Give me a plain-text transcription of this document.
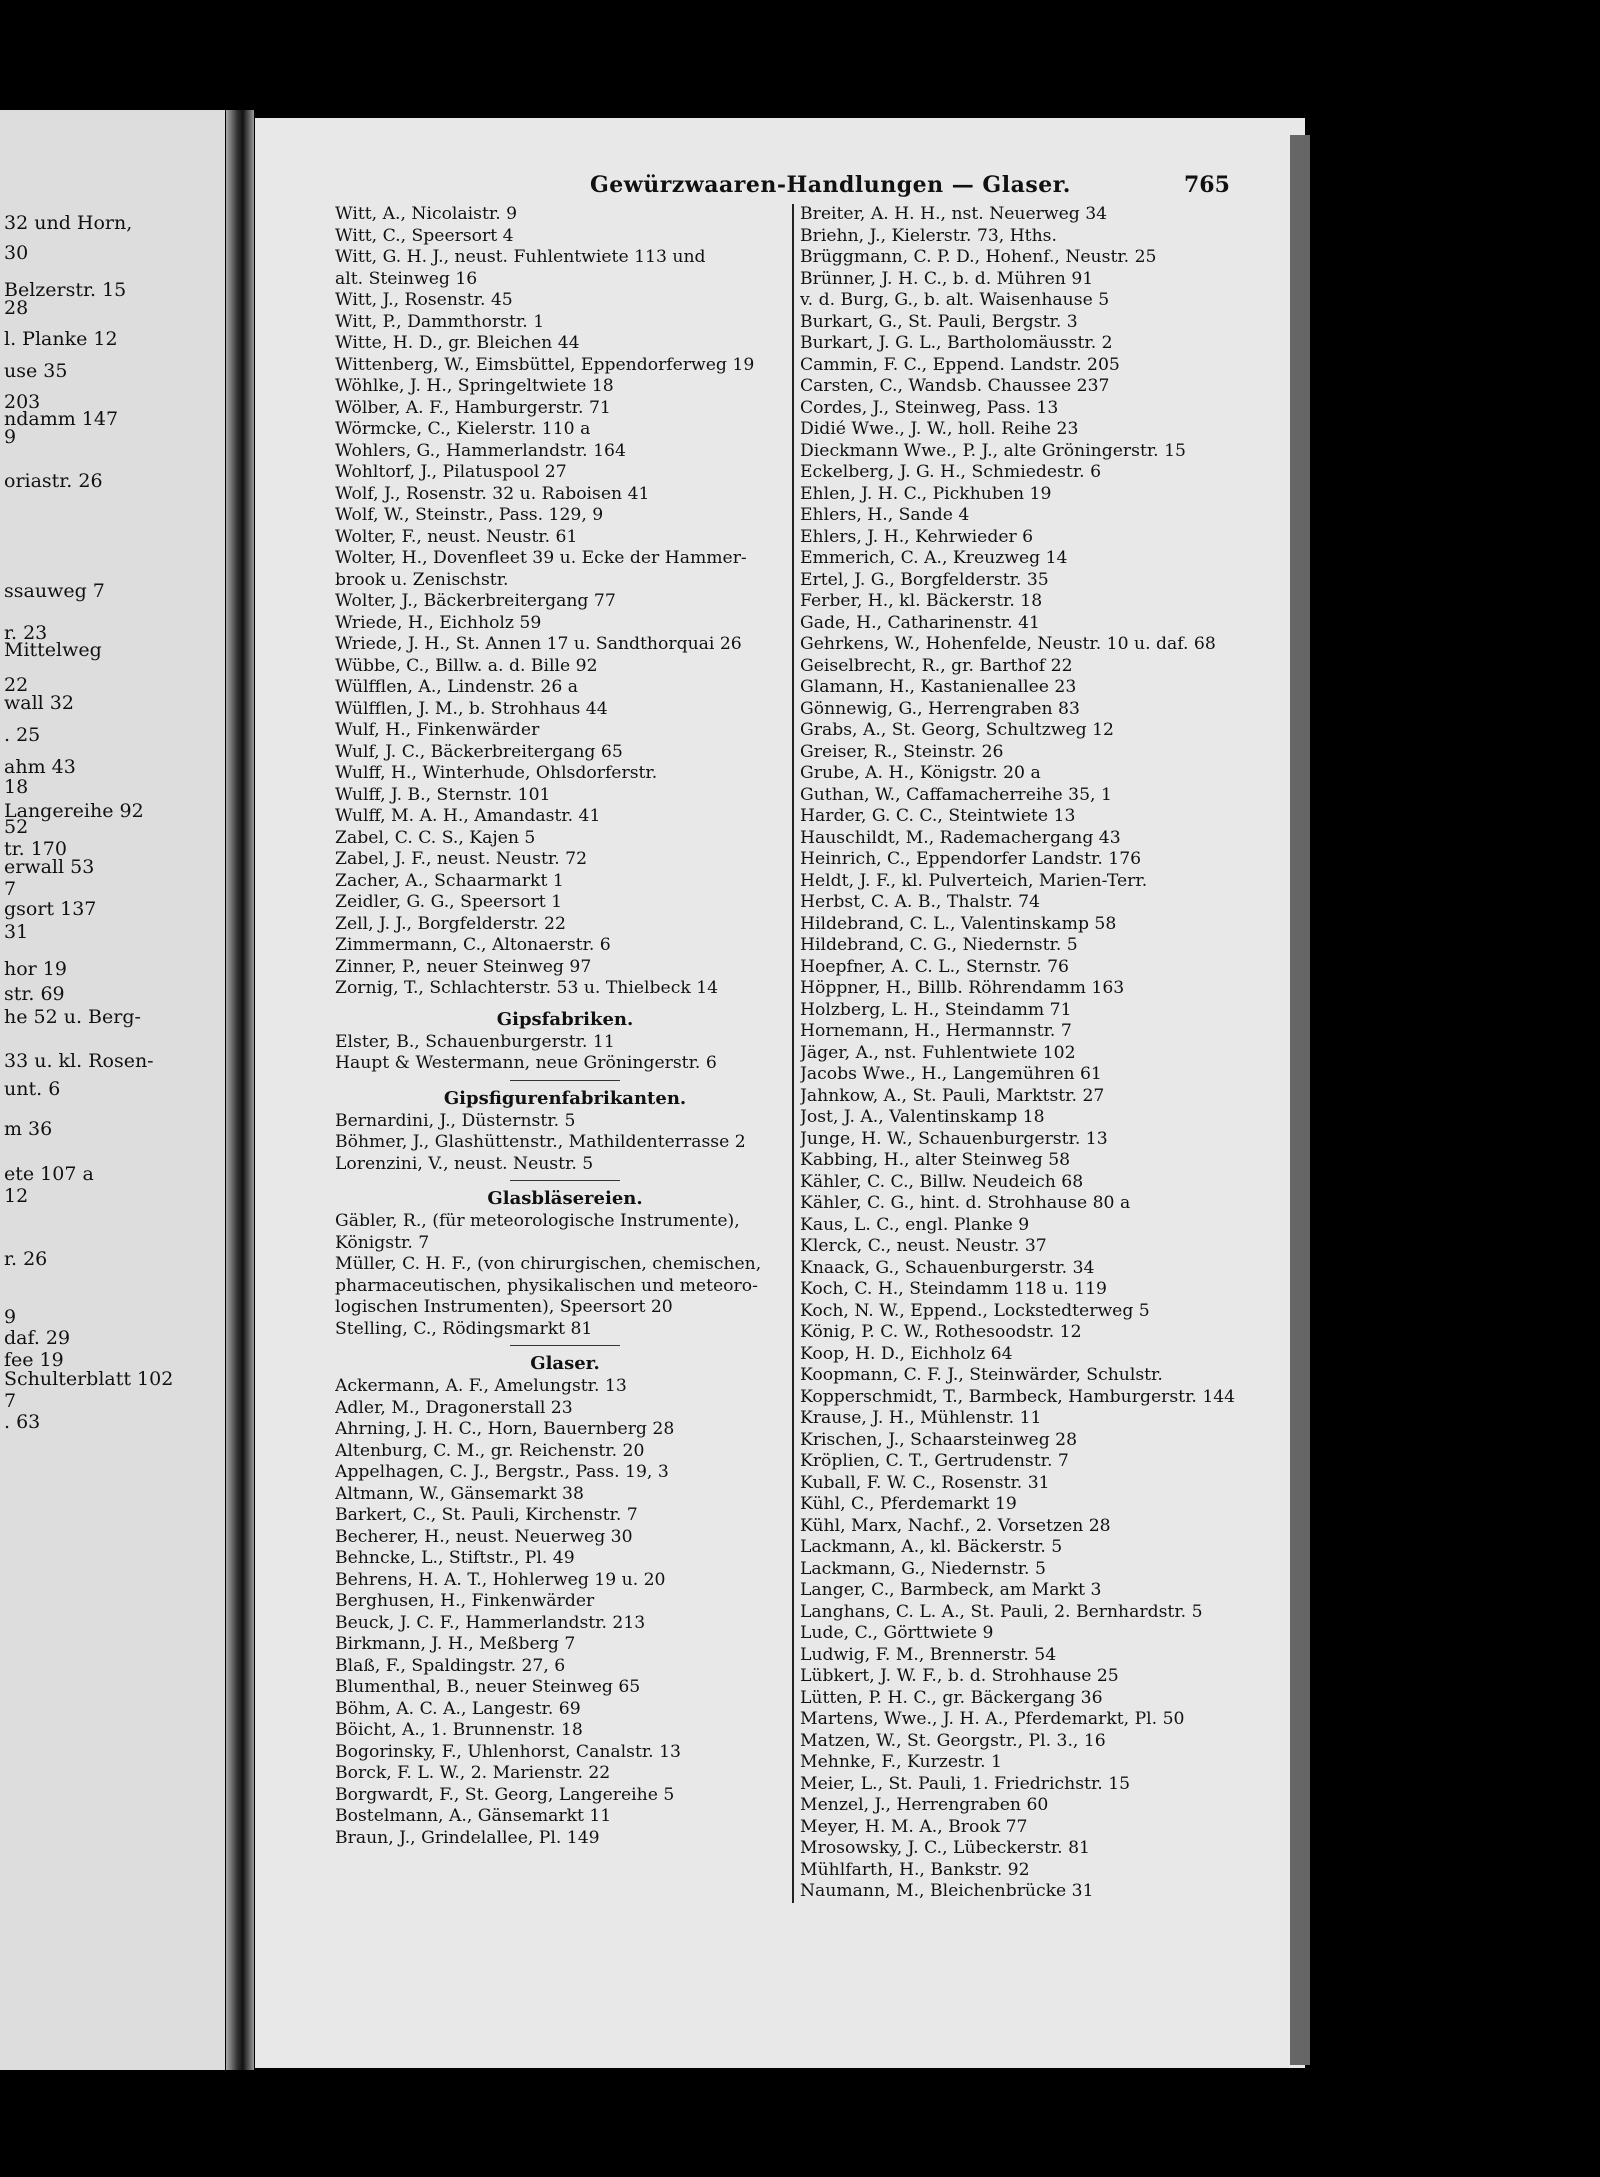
32 und Horn,
30
Belzerstr. 15
28
l. Planke 12
use 35
203
ndamm 147
9
oriastr. 26
ssauweg 7
r. 23
Mittelweg
22
wall 32
. 25
ahm 43
18
Langereihe 92
52
tr. 170
erwall 53
7
gsort 137
31
hor 19
str. 69
he 52 u. Berg-
33 u. kl. Rosen-
unt. 6
m 36
ete 107 a
12
r. 26
9
daf. 29
fee 19
Schulterblatt 102
7
. 63
Gewürzwaaren-Handlungen — Glaser.	765
Witt, A., Nicolaistr. 9
Witt, C., Speersort 4
Witt, G. H. J., neust. Fuhlentwiete 113 und
alt. Steinweg 16
Witt, J., Rosenstr. 45
Witt, P., Dammthorstr. 1
Witte, H. D., gr. Bleichen 44
Wittenberg, W., Eimsbüttel, Eppendorferweg 19
Wöhlke, J. H., Springeltwiete 18
Wölber, A. F., Hamburgerstr. 71
Wörmcke, C., Kielerstr. 110 a
Wohlers, G., Hammerlandstr. 164
Wohltorf, J., Pilatuspool 27
Wolf, J., Rosenstr. 32 u. Raboisen 41
Wolf, W., Steinstr., Pass. 129, 9
Wolter, F., neust. Neustr. 61
Wolter, H., Dovenfleet 39 u. Ecke der Hammer-
brook u. Zenischstr.
Wolter, J., Bäckerbreitergang 77
Wriede, H., Eichholz 59
Wriede, J. H., St. Annen 17 u. Sandthorquai 26
Wübbe, C., Billw. a. d. Bille 92
Wülfflen, A., Lindenstr. 26 a
Wülfflen, J. M., b. Strohhaus 44
Wulf, H., Finkenwärder
Wulf, J. C., Bäckerbreitergang 65
Wulff, H., Winterhude, Ohlsdorferstr.
Wulff, J. B., Sternstr. 101
Wulff, M. A. H., Amandastr. 41
Zabel, C. C. S., Kajen 5
Zabel, J. F., neust. Neustr. 72
Zacher, A., Schaarmarkt 1
Zeidler, G. G., Speersort 1
Zell, J. J., Borgfelderstr. 22
Zimmermann, C., Altonaerstr. 6
Zinner, P., neuer Steinweg 97
Zornig, T., Schlachterstr. 53 u. Thielbeck 14
Gipsfabriken.
Elster, B., Schauenburgerstr. 11
Haupt & Westermann, neue Gröningerstr. 6
Gipsfigurenfabrikanten.
Bernardini, J., Düsternstr. 5
Böhmer, J., Glashüttenstr., Mathildenterrasse 2
Lorenzini, V., neust. Neustr. 5
Glasbläsereien.
Gäbler, R., (für meteorologische Instrumente),
Königstr. 7
Müller, C. H. F., (von chirurgischen, chemischen,
pharmaceutischen, physikalischen und meteoro-
logischen Instrumenten), Speersort 20
Stelling, C., Rödingsmarkt 81
Glaser.
Ackermann, A. F., Amelungstr. 13
Adler, M., Dragonerstall 23
Ahrning, J. H. C., Horn, Bauernberg 28
Altenburg, C. M., gr. Reichenstr. 20
Appelhagen, C. J., Bergstr., Pass. 19, 3
Altmann, W., Gänsemarkt 38
Barkert, C., St. Pauli, Kirchenstr. 7
Becherer, H., neust. Neuerweg 30
Behncke, L., Stiftstr., Pl. 49
Behrens, H. A. T., Hohlerweg 19 u. 20
Berghusen, H., Finkenwärder
Beuck, J. C. F., Hammerlandstr. 213
Birkmann, J. H., Meßberg 7
Blaß, F., Spaldingstr. 27, 6
Blumenthal, B., neuer Steinweg 65
Böhm, A. C. A., Langestr. 69
Böicht, A., 1. Brunnenstr. 18
Bogorinsky, F., Uhlenhorst, Canalstr. 13
Borck, F. L. W., 2. Marienstr. 22
Borgwardt, F., St. Georg, Langereihe 5
Bostelmann, A., Gänsemarkt 11
Braun, J., Grindelallee, Pl. 149
Breiter, A. H. H., nst. Neuerweg 34
Briehn, J., Kielerstr. 73, Hths.
Brüggmann, C. P. D., Hohenf., Neustr. 25
Brünner, J. H. C., b. d. Mühren 91
v. d. Burg, G., b. alt. Waisenhause 5
Burkart, G., St. Pauli, Bergstr. 3
Burkart, J. G. L., Bartholomäusstr. 2
Cammin, F. C., Eppend. Landstr. 205
Carsten, C., Wandsb. Chaussee 237
Cordes, J., Steinweg, Pass. 13
Didié Wwe., J. W., holl. Reihe 23
Dieckmann Wwe., P. J., alte Gröningerstr. 15
Eckelberg, J. G. H., Schmiedestr. 6
Ehlen, J. H. C., Pickhuben 19
Ehlers, H., Sande 4
Ehlers, J. H., Kehrwieder 6
Emmerich, C. A., Kreuzweg 14
Ertel, J. G., Borgfelderstr. 35
Ferber, H., kl. Bäckerstr. 18
Gade, H., Catharinenstr. 41
Gehrkens, W., Hohenfelde, Neustr. 10 u. daf. 68
Geiselbrecht, R., gr. Barthof 22
Glamann, H., Kastanienallee 23
Gönnewig, G., Herrengraben 83
Grabs, A., St. Georg, Schultzweg 12
Greiser, R., Steinstr. 26
Grube, A. H., Königstr. 20 a
Guthan, W., Caffamacherreihe 35, 1
Harder, G. C. C., Steintwiete 13
Hauschildt, M., Rademachergang 43
Heinrich, C., Eppendorfer Landstr. 176
Heldt, J. F., kl. Pulverteich, Marien-Terr.
Herbst, C. A. B., Thalstr. 74
Hildebrand, C. L., Valentinskamp 58
Hildebrand, C. G., Niedernstr. 5
Hoepfner, A. C. L., Sternstr. 76
Höppner, H., Billb. Röhrendamm 163
Holzberg, L. H., Steindamm 71
Hornemann, H., Hermannstr. 7
Jäger, A., nst. Fuhlentwiete 102
Jacobs Wwe., H., Langemühren 61
Jahnkow, A., St. Pauli, Marktstr. 27
Jost, J. A., Valentinskamp 18
Junge, H. W., Schauenburgerstr. 13
Kabbing, H., alter Steinweg 58
Kähler, C. C., Billw. Neudeich 68
Kähler, C. G., hint. d. Strohhause 80 a
Kaus, L. C., engl. Planke 9
Klerck, C., neust. Neustr. 37
Knaack, G., Schauenburgerstr. 34
Koch, C. H., Steindamm 118 u. 119
Koch, N. W., Eppend., Lockstedterweg 5
König, P. C. W., Rothesoodstr. 12
Koop, H. D., Eichholz 64
Koopmann, C. F. J., Steinwärder, Schulstr.
Kopperschmidt, T., Barmbeck, Hamburgerstr. 144
Krause, J. H., Mühlenstr. 11
Krischen, J., Schaarsteinweg 28
Kröplien, C. T., Gertrudenstr. 7
Kuball, F. W. C., Rosenstr. 31
Kühl, C., Pferdemarkt 19
Kühl, Marx, Nachf., 2. Vorsetzen 28
Lackmann, A., kl. Bäckerstr. 5
Lackmann, G., Niedernstr. 5
Langer, C., Barmbeck, am Markt 3
Langhans, C. L. A., St. Pauli, 2. Bernhardstr. 5
Lude, C., Görttwiete 9
Ludwig, F. M., Brennerstr. 54
Lübkert, J. W. F., b. d. Strohhause 25
Lütten, P. H. C., gr. Bäckergang 36
Martens, Wwe., J. H. A., Pferdemarkt, Pl. 50
Matzen, W., St. Georgstr., Pl. 3., 16
Mehnke, F., Kurzestr. 1
Meier, L., St. Pauli, 1. Friedrichstr. 15
Menzel, J., Herrengraben 60
Meyer, H. M. A., Brook 77
Mrosowsky, J. C., Lübeckerstr. 81
Mühlfarth, H., Bankstr. 92
Naumann, M., Bleichenbrücke 31
